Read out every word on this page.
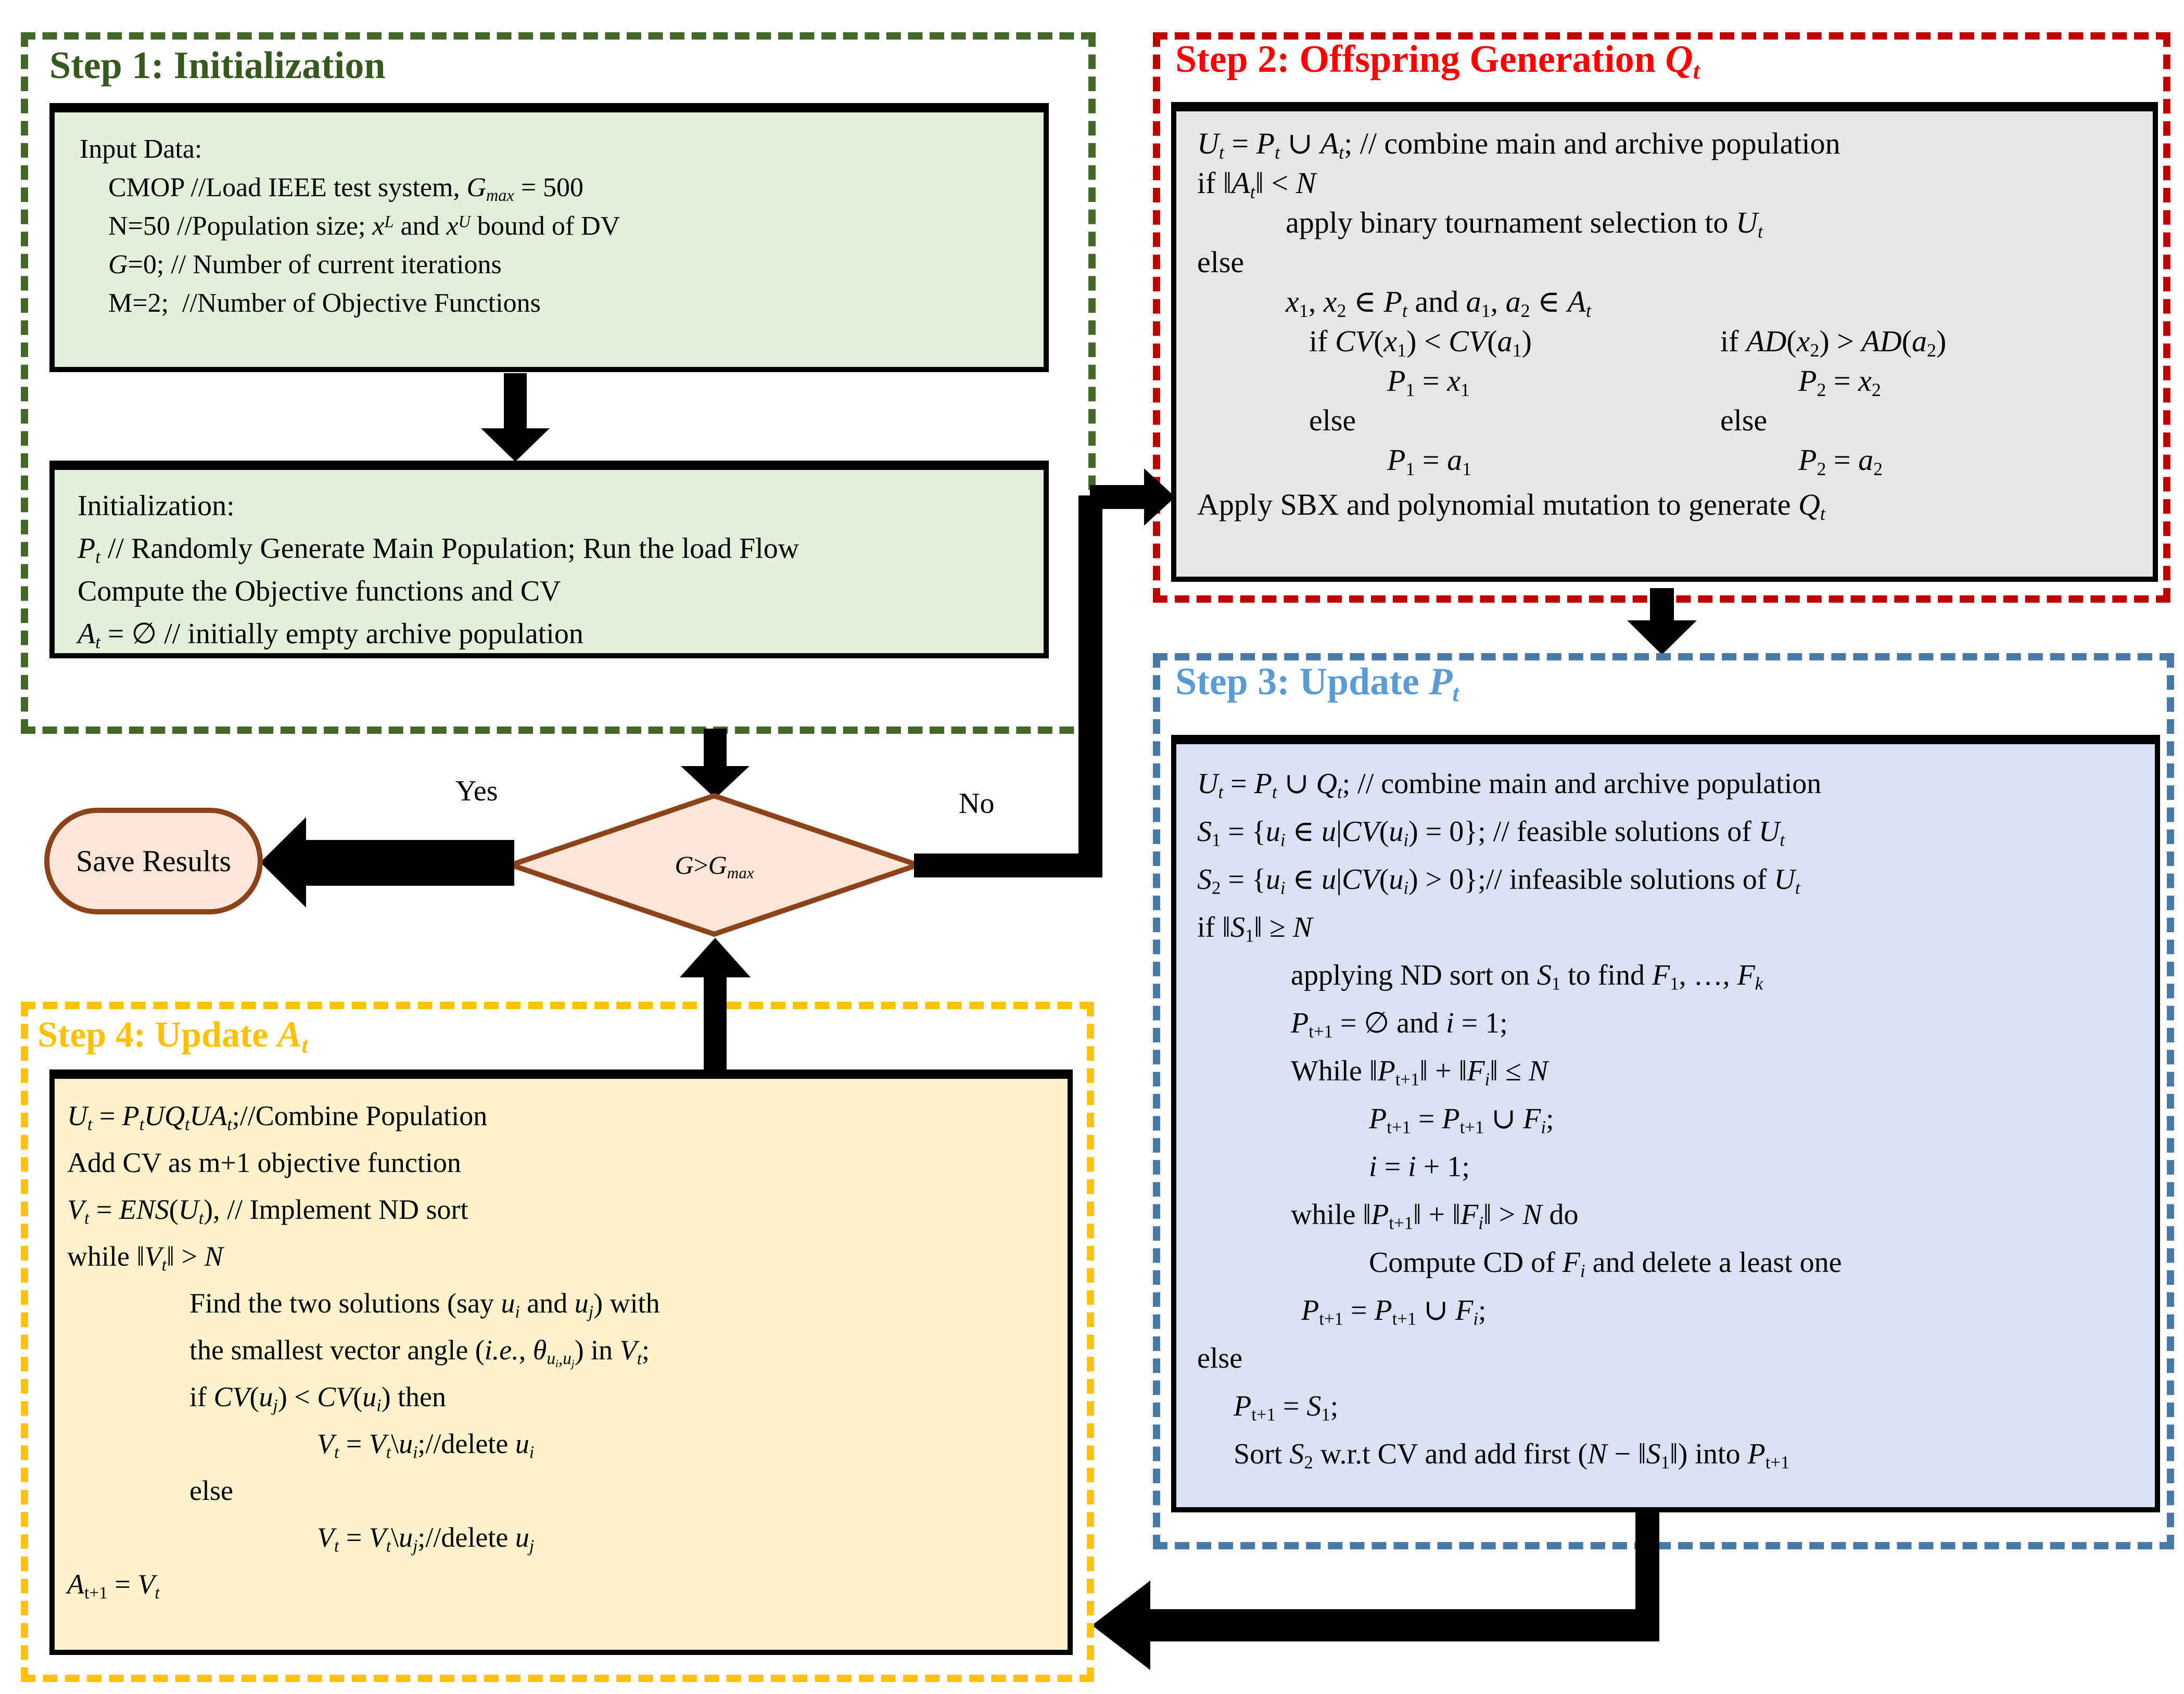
Step 1: Initialization
Input Data:
CMOP //Load IEEE test system, $G_{max} = 500$
N=50 //Population size; $x^L$ and $x^U$ bound of DV
G=0; // Number of current iterations
M=2;  //Number of Objective Functions
Initialization:
$P_t$ // Randomly Generate Main Population; Run the load Flow
Compute the Objective functions and CV
$A_t$ = ∅ // initially empty archive population
Step 2: Offspring Generation $Q_t$
$U_t = P_t$ ∪ $A_t$; // combine main and archive population
if $‖A_t‖ < N$
apply binary tournament selection to $U_t$
else
$x_1$, $x_2$ ∈ $P_t$ and $a_1$, $a_2$ ∈ $A_t$
if $CV(x_1) < CV(a_1)$
$P_1 = x_1$
else
$P_1 = a_1$
if $AD(x_2) > AD(a_2)$
$P_2 = x_2$
else
$P_2 = a_2$
Apply SBX and polynomial mutation to generate $Q_t$
Step 3: Update $P_t$
$U_t = P_t$ ∪ $Q_t$; // combine main and archive population
$S_1 = \{u_i$ ∈ $u|CV(u_i) = 0$}; // feasible solutions of $U_t$
$S_2 = \{u_i$ ∈ $u|CV(u_i)$ > 0};// infeasible solutions of $U_t$
if $‖S_1‖ \ge N$
applying ND sort on $S_1$ to find $F_1$, …, $F_k$
$P_{t+1}$ = ∅ and i = 1;
While $‖P_{t+1}‖$ + $‖F_i‖ \le N$
$P_{t+1} = P_{t+1}$ ∪ $F_i$;
i = i + 1;
while $‖P_{t+1}‖$ + $‖F_i‖ > N$ do
Compute CD of $F_i$ and delete a least one
$P_{t+1} = P_{t+1}$ ∪ $F_i$;
else
$P_{t+1} = S_1$;
Sort $S_2$ w.r.t CV and add first $(N - ‖S_1‖)$ into $P_{t+1}$
Step 4: Update $A_t$
$U_t$ = $P_tUQ_tUA_t;/$/Combine Population
Add CV as m+1 objective function
$V_t = ENS(U_t)$, // Implement ND sort
while $‖V_t‖ > N$
Find the two solutions (say $u_i$ and $u_j$) with
the smallest vector angle (i.e., $\theta_{u_i,u_j}$) in $V_t$;
if $CV(u_j) < CV(u_i)$ then
$V_t$ = $V_t\backslash u_i;/$/delete $u_i$
else
$V_t$ = $V_t\backslash u_j;/$/delete $u_j$
$A_{t+1} = V_t$
$G > G_{max}$
Yes	No
Save Results
